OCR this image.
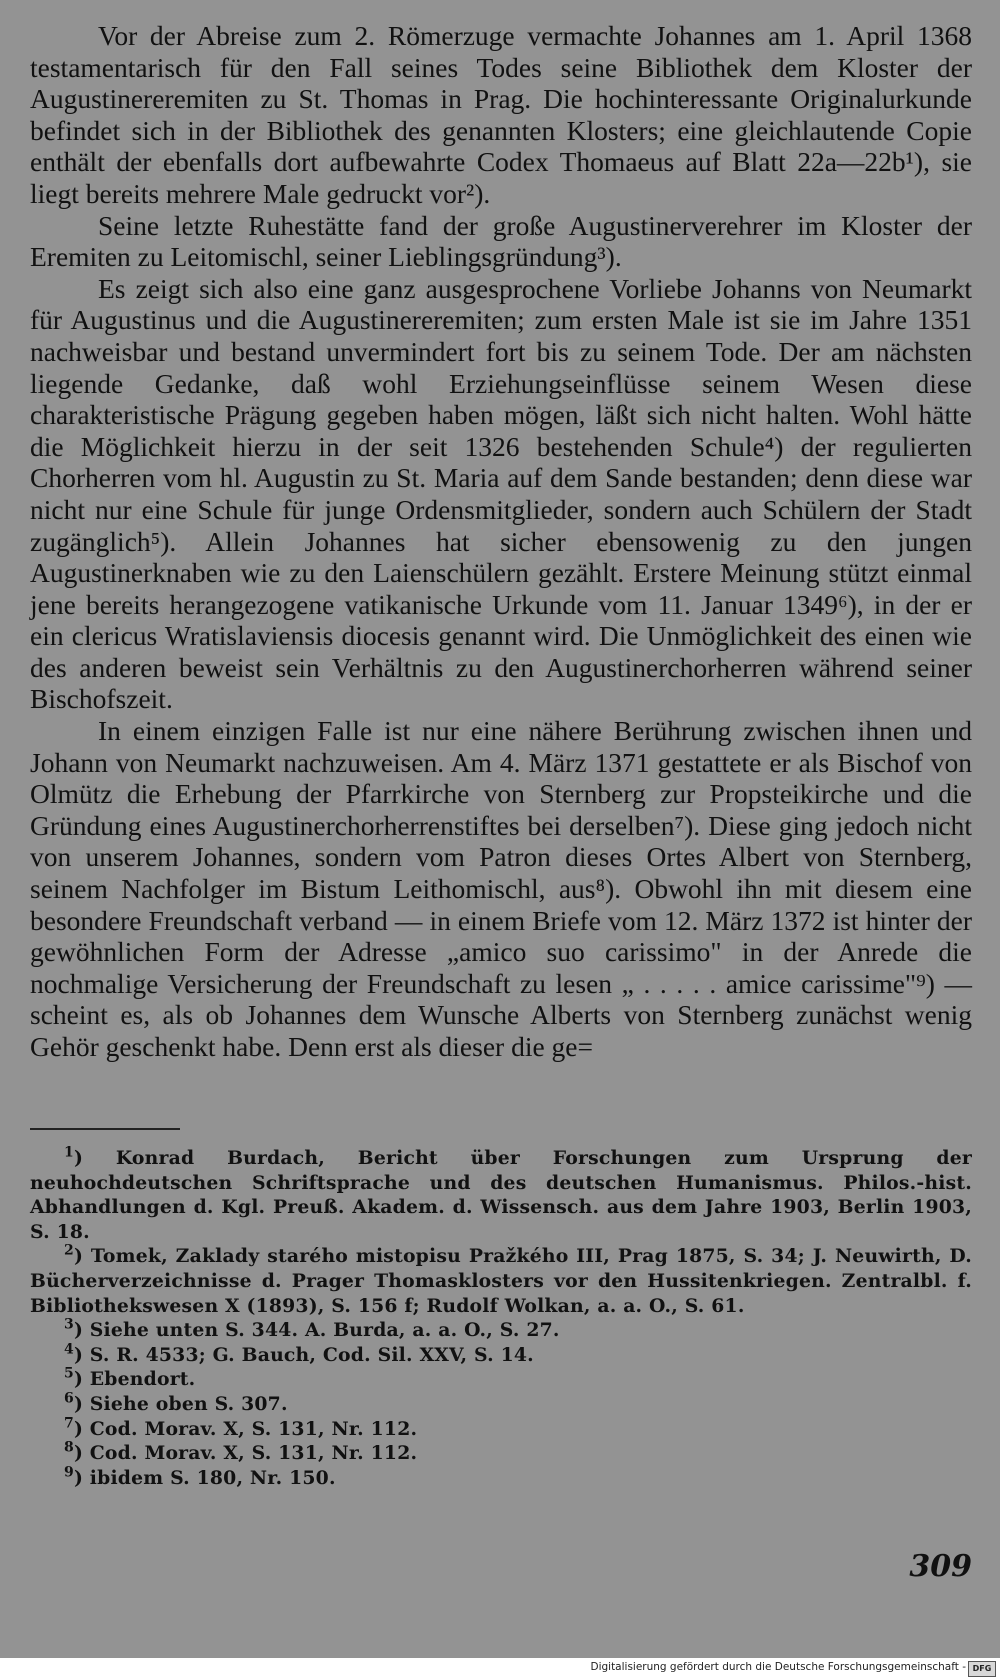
Vor der Abreise zum 2. Römerzuge vermachte Johannes am 1. April 1368 testamentarisch für den Fall seines Todes seine Bibliothek dem Kloster der Augustinereremiten zu St. Thomas in Prag. Die hochinteressante Originalurkunde befindet sich in der Bibliothek des genannten Klosters; eine gleichlautende Copie enthält der ebenfalls dort aufbewahrte Codex Thomaeus auf Blatt 22a—22b¹), sie liegt bereits mehrere Male gedruckt vor²).

Seine letzte Ruhestätte fand der große Augustinerverehrer im Kloster der Eremiten zu Leitomischl, seiner Lieblingsgründung³).

Es zeigt sich also eine ganz ausgesprochene Vorliebe Johanns von Neumarkt für Augustinus und die Augustinereremiten; zum ersten Male ist sie im Jahre 1351 nachweisbar und bestand unvermindert fort bis zu seinem Tode. Der am nächsten liegende Gedanke, daß wohl Erziehungseinflüsse seinem Wesen diese charakteristische Prägung gegeben haben mögen, läßt sich nicht halten. Wohl hätte die Möglichkeit hierzu in der seit 1326 bestehenden Schule⁴) der regulierten Chorherren vom hl. Augustin zu St. Maria auf dem Sande bestanden; denn diese war nicht nur eine Schule für junge Ordensmitglieder, sondern auch Schülern der Stadt zugänglich⁵). Allein Johannes hat sicher ebensowenig zu den jungen Augustinerknaben wie zu den Laienschülern gezählt. Erstere Meinung stützt einmal jene bereits herangezogene vatikanische Urkunde vom 11. Januar 1349⁶), in der er ein clericus Wratislaviensis diocesis genannt wird. Die Unmöglichkeit des einen wie des anderen beweist sein Verhältnis zu den Augustinerchorherren während seiner Bischofszeit.

In einem einzigen Falle ist nur eine nähere Berührung zwischen ihnen und Johann von Neumarkt nachzuweisen. Am 4. März 1371 gestattete er als Bischof von Olmütz die Erhebung der Pfarrkirche von Sternberg zur Propsteikirche und die Gründung eines Augustinerchorherrenstiftes bei derselben⁷). Diese ging jedoch nicht von unserem Johannes, sondern vom Patron dieses Ortes Albert von Sternberg, seinem Nachfolger im Bistum Leithomischl, aus⁸). Obwohl ihn mit diesem eine besondere Freundschaft verband — in einem Briefe vom 12. März 1372 ist hinter der gewöhnlichen Form der Adresse „amico suo carissimo" in der Anrede die nochmalige Versicherung der Freundschaft zu lesen „ . . . . . amice carissime"⁹) — scheint es, als ob Johannes dem Wunsche Alberts von Sternberg zunächst wenig Gehör geschenkt habe. Denn erst als dieser die ge=

$^1$) Konrad Burdach, Bericht über Forschungen zum Ursprung der neuhochdeutschen Schriftsprache und des deutschen Humanismus. Philos.-hist. Abhandlungen d. Kgl. Preuß. Akadem. d. Wissensch. aus dem Jahre 1903, Berlin 1903, S. 18.

$^2$) Tomek, Zaklady starého mistopisu Pražkého III, Prag 1875, S. 34; J. Neuwirth, D. Bücherverzeichnisse d. Prager Thomasklosters vor den Hussitenkriegen. Zentralbl. f. Bibliothekswesen X (1893), S. 156 f; Rudolf Wolkan, a. a. O., S. 61.

$^3$) Siehe unten S. 344. A. Burda, a. a. O., S. 27.

$^4$) S. R. 4533; G. Bauch, Cod. Sil. XXV, S. 14.

$^5$) Ebendort.

$^6$) Siehe oben S. 307.

$^7$) Cod. Morav. X, S. 131, Nr. 112.

$^8$) Cod. Morav. X, S. 131, Nr. 112.

$^9$) ibidem S. 180, Nr. 150.

309
Digitalisierung gefördert durch die Deutsche Forschungsgemeinschaft - DFG
